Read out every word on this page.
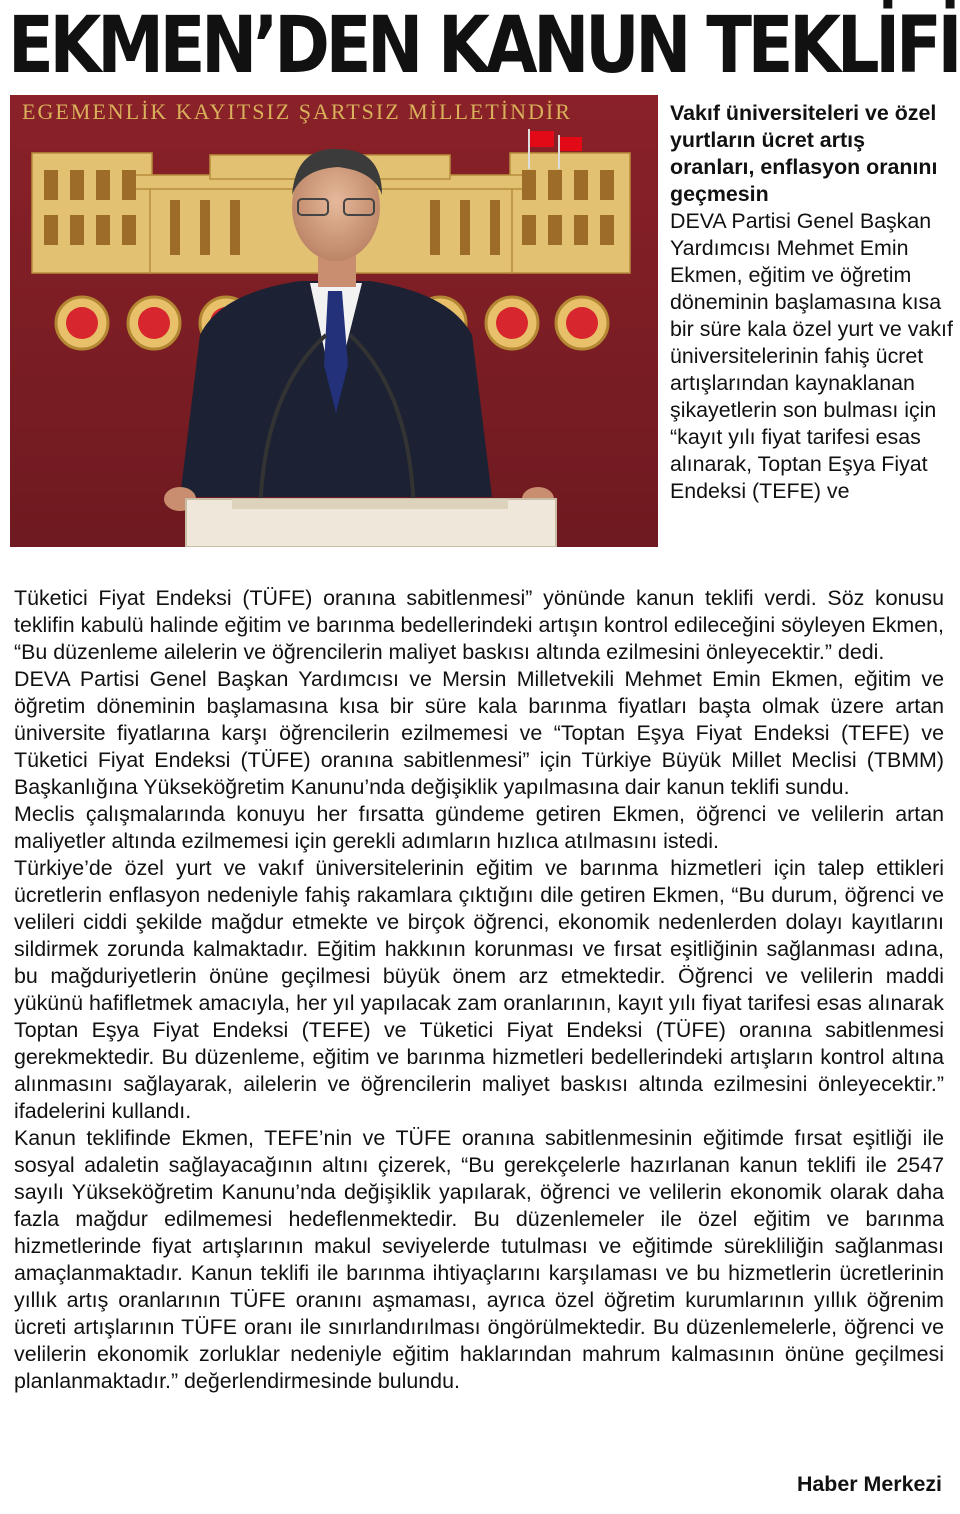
EKMEN’DEN KANUN TEKLİFİ
EGEMENLİK KAYITSIZ ŞARTSIZ MİLLETİNDİR	Vakıf üniversiteleri ve özel yurtların ücret artış oranları, enflasyon oranını geçmesin
DEVA Partisi Genel Başkan Yardımcısı Mehmet Emin Ekmen, eğitim ve öğretim döneminin başlamasına kısa bir süre kala özel yurt ve vakıf üniversitelerinin fahiş ücret artışlarından kaynaklanan şikayetlerin son bulması için “kayıt yılı fiyat tarifesi esas alınarak, Toptan Eşya Fiyat Endeksi (TEFE) ve

Tüketici Fiyat Endeksi (TÜFE) oranına sabitlenmesi” yönünde kanun teklifi verdi. Söz konusu teklifin kabulü halinde eğitim ve barınma bedellerindeki artışın kontrol edileceğini söyleyen Ekmen, “Bu düzenleme ailelerin ve öğrencilerin maliyet baskısı altında ezilmesini önleyecektir.” dedi.

DEVA Partisi Genel Başkan Yardımcısı ve Mersin Milletvekili Mehmet Emin Ekmen, eğitim ve öğretim döneminin başlamasına kısa bir süre kala barınma fiyatları başta olmak üzere artan üniversite fiyatlarına karşı öğrencilerin ezilmemesi ve “Toptan Eşya Fiyat Endeksi (TEFE) ve Tüketici Fiyat Endeksi (TÜFE) oranına sabitlenmesi” için Türkiye Büyük Millet Meclisi (TBMM) Başkanlığına Yükseköğretim Kanunu’nda değişiklik yapılmasına dair kanun teklifi sundu.

Meclis çalışmalarında konuyu her fırsatta gündeme getiren Ekmen, öğrenci ve velilerin artan maliyetler altında ezilmemesi için gerekli adımların hızlıca atılmasını istedi.

Türkiye’de özel yurt ve vakıf üniversitelerinin eğitim ve barınma hizmetleri için talep ettikleri ücretlerin enflasyon nedeniyle fahiş rakamlara çıktığını dile getiren Ekmen, “Bu durum, öğrenci ve velileri ciddi şekilde mağdur etmekte ve birçok öğrenci, ekonomik nedenlerden dolayı kayıtlarını sildirmek zorunda kalmaktadır. Eğitim hakkının korunması ve fırsat eşitliğinin sağlanması adına, bu mağduriyetlerin önüne geçilmesi büyük önem arz etmektedir. Öğrenci ve velilerin maddi yükünü hafifletmek amacıyla, her yıl yapılacak zam oranlarının, kayıt yılı fiyat tarifesi esas alınarak Toptan Eşya Fiyat Endeksi (TEFE) ve Tüketici Fiyat Endeksi (TÜFE) oranına sabitlenmesi gerekmektedir. Bu düzenleme, eğitim ve barınma hizmetleri bedellerindeki artışların kontrol altına alınmasını sağlayarak, ailelerin ve öğrencilerin maliyet baskısı altında ezilmesini önleyecektir.” ifadelerini kullandı.

Kanun teklifinde Ekmen, TEFE’nin ve TÜFE oranına sabitlenmesinin eğitimde fırsat eşitliği ile sosyal adaletin sağlayacağının altını çizerek, “Bu gerekçelerle hazırlanan kanun teklifi ile 2547 sayılı Yükseköğretim Kanunu’nda değişiklik yapılarak, öğrenci ve velilerin ekonomik olarak daha fazla mağdur edilmemesi hedeflenmektedir. Bu düzenlemeler ile özel eğitim ve barınma hizmetlerinde fiyat artışlarının makul seviyelerde tutulması ve eğitimde sürekliliğin sağlanması amaçlanmaktadır. Kanun teklifi ile barınma ihtiyaçlarını karşılaması ve bu hizmetlerin ücretlerinin yıllık artış oranlarının TÜFE oranını aşmaması, ayrıca özel öğretim kurumlarının yıllık öğrenim ücreti artışlarının TÜFE oranı ile sınırlandırılması öngörülmektedir. Bu düzenlemelerle, öğrenci ve velilerin ekonomik zorluklar nedeniyle eğitim haklarından mahrum kalmasının önüne geçilmesi planlanmaktadır.” değerlendirmesinde bulundu.

Haber Merkezi
